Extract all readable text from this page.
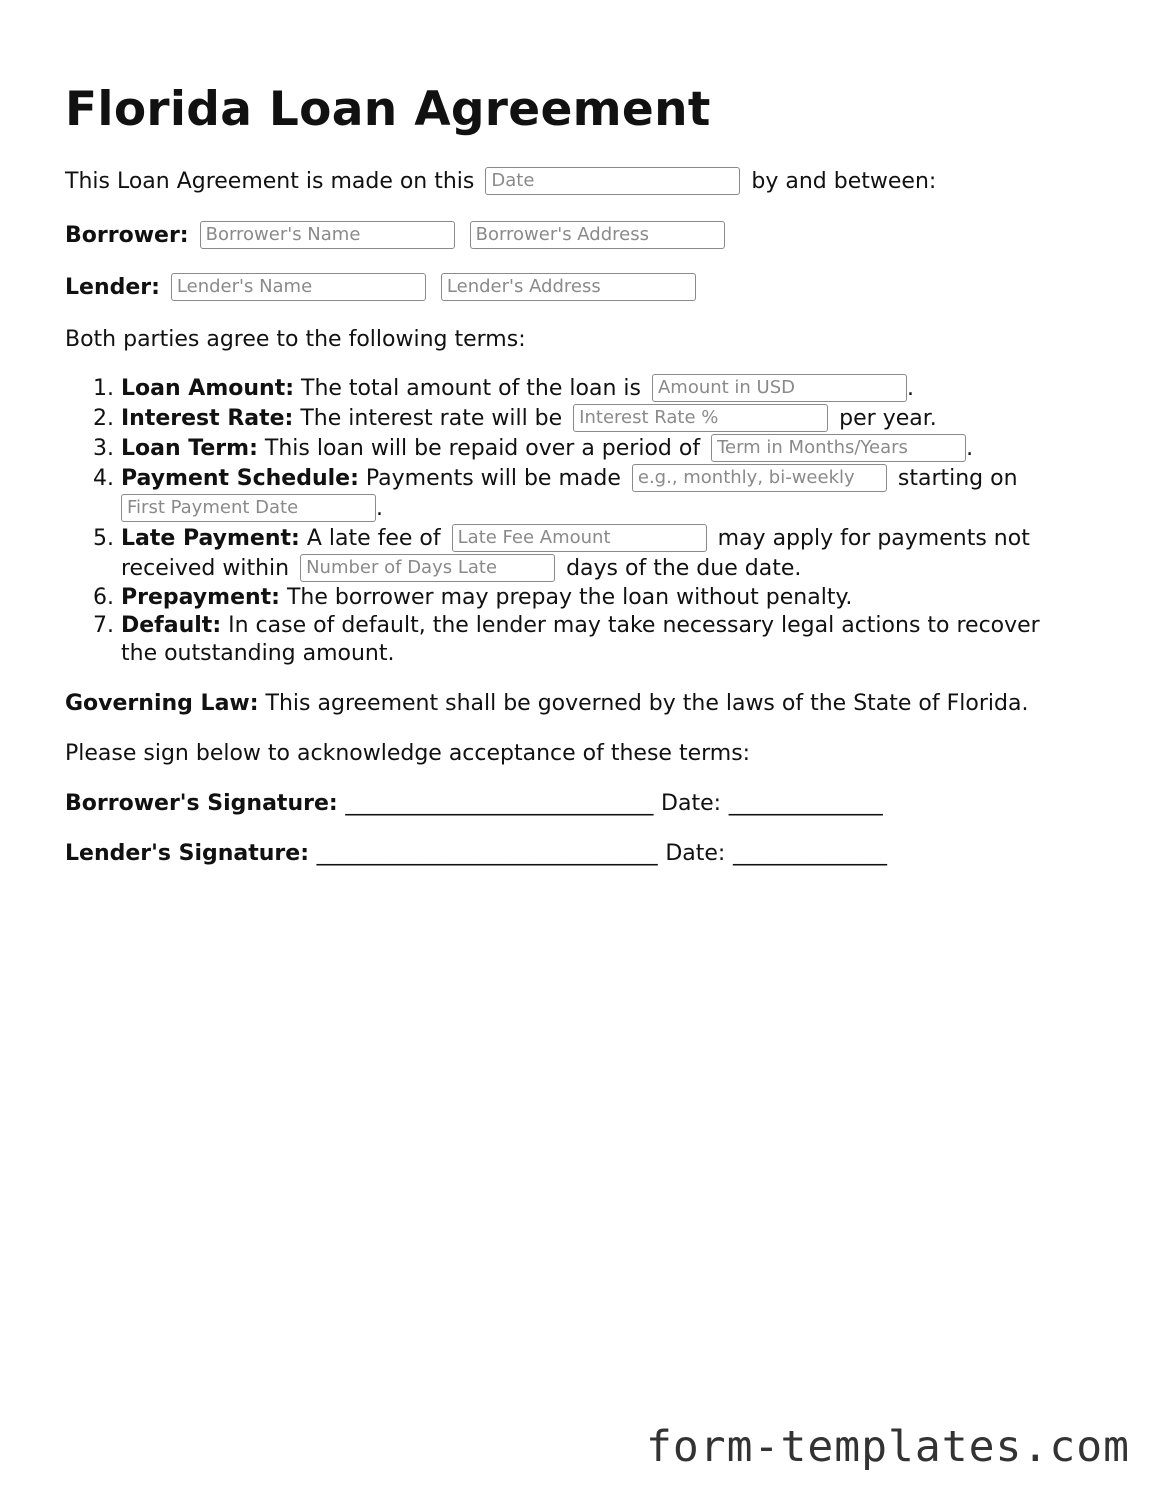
Florida Loan Agreement
This Loan Agreement is made on this Date	by and between:
Borrower: Borrower's Name Borrower's Address
Lender: Lender's Name Lender's Address
Both parties agree to the following terms:
1. Loan Amount: The total amount of the loan is Amount in USD	.
2. Interest Rate: The interest rate will be Interest Rate %	per year.
3. Loan Term: This loan will be repaid over a period of Term in Months/Years	.
4. Payment Schedule: Payments will be made e.g., monthly, bi-weekly	starting on
First Payment Date.
5. Late Payment: A late fee of Late Fee Amount	may apply for payments not
received within Number of Days Late	days of the due date.
6. Prepayment: The borrower may prepay the loan without penalty.
7. Default: In case of default, the lender may take necessary legal actions to recover
the outstanding amount.
Governing Law: This agreement shall be governed by the laws of the State of Florida.
Please sign below to acknowledge acceptance of these terms:
Borrower's Signature: ____________________________ Date: ______________
Lender's Signature: _______________________________ Date: ______________
form-templates.com
